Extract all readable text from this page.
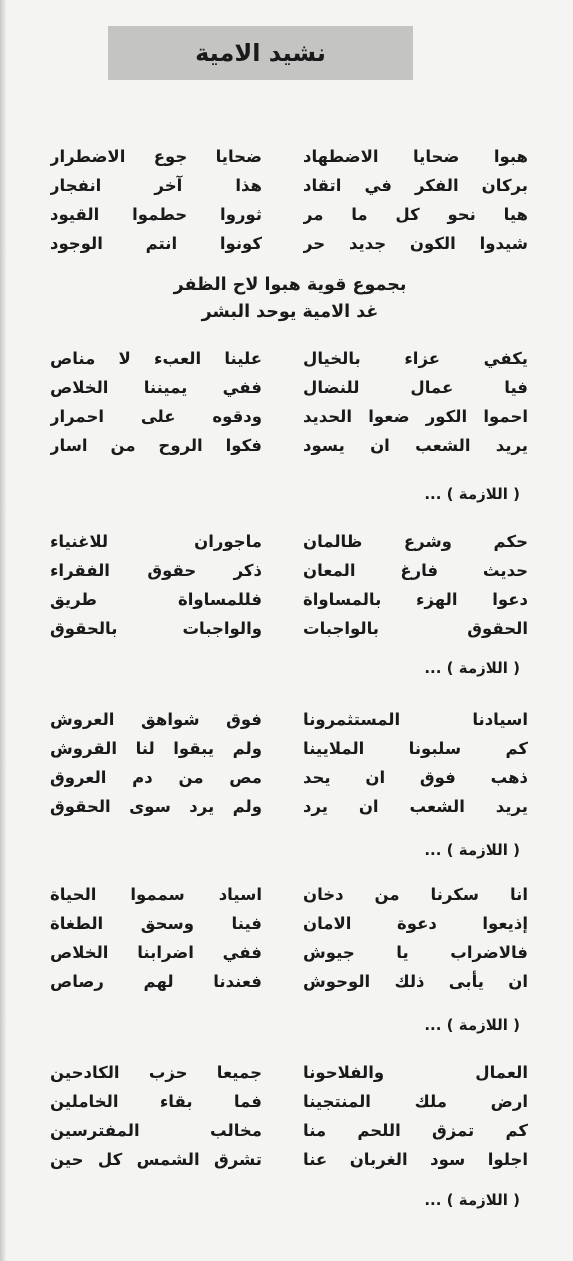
نشيد الامية
هبوا ضحايا الاضطهاد
بركان الفكر في اتقاد
هيا نحو كل ما مر
شيدوا الكون جديد حر
ضحايا جوع الاضطرار
هذا آخر انفجار
ثوروا حطموا القيود
كونوا انتم الوجود
بجموع قوية هبوا لاح الظفر
غد الامية يوحد البشر
يكفي عزاء بالخيال
فيا عمال للنضال
احموا الكور ضعوا الحديد
يريد الشعب ان يسود
علينا العبء لا مناص
ففي يميننا الخلاص
ودقوه على احمرار
فكوا الروح من اسار
( اللازمة ) ...
حكم وشرع ظالمان
حديث فارغ المعان
دعوا الهزء بالمساواة
الحقوق بالواجبات
ماجوران للاغنياء
ذكر حقوق الفقراء
فللمساواة طريق
والواجبات بالحقوق
( اللازمة ) ...
اسيادنا المستثمرونا
كم سلبونا الملايينا
ذهب فوق ان يحد
يريد الشعب ان يرد
فوق شواهق العروش
ولم يبقوا لنا القروش
مص من دم العروق
ولم يرد سوى الحقوق
( اللازمة ) ...
انا سكرنا من دخان
إذيعوا دعوة الامان
فالاضراب يا جيوش
ان يأبى ذلك الوحوش
اسياد سمموا الحياة
فينا وسحق الطغاة
ففي اضرابنا الخلاص
فعندنا لهم رصاص
( اللازمة ) ...
العمال والفلاحونا
ارض ملك المنتجينا
كم تمزق اللحم منا
اجلوا سود الغربان عنا
جميعا حزب الكادحين
فما بقاء الخاملين
مخالب المفترسين
تشرق الشمس كل حين
( اللازمة ) ...
